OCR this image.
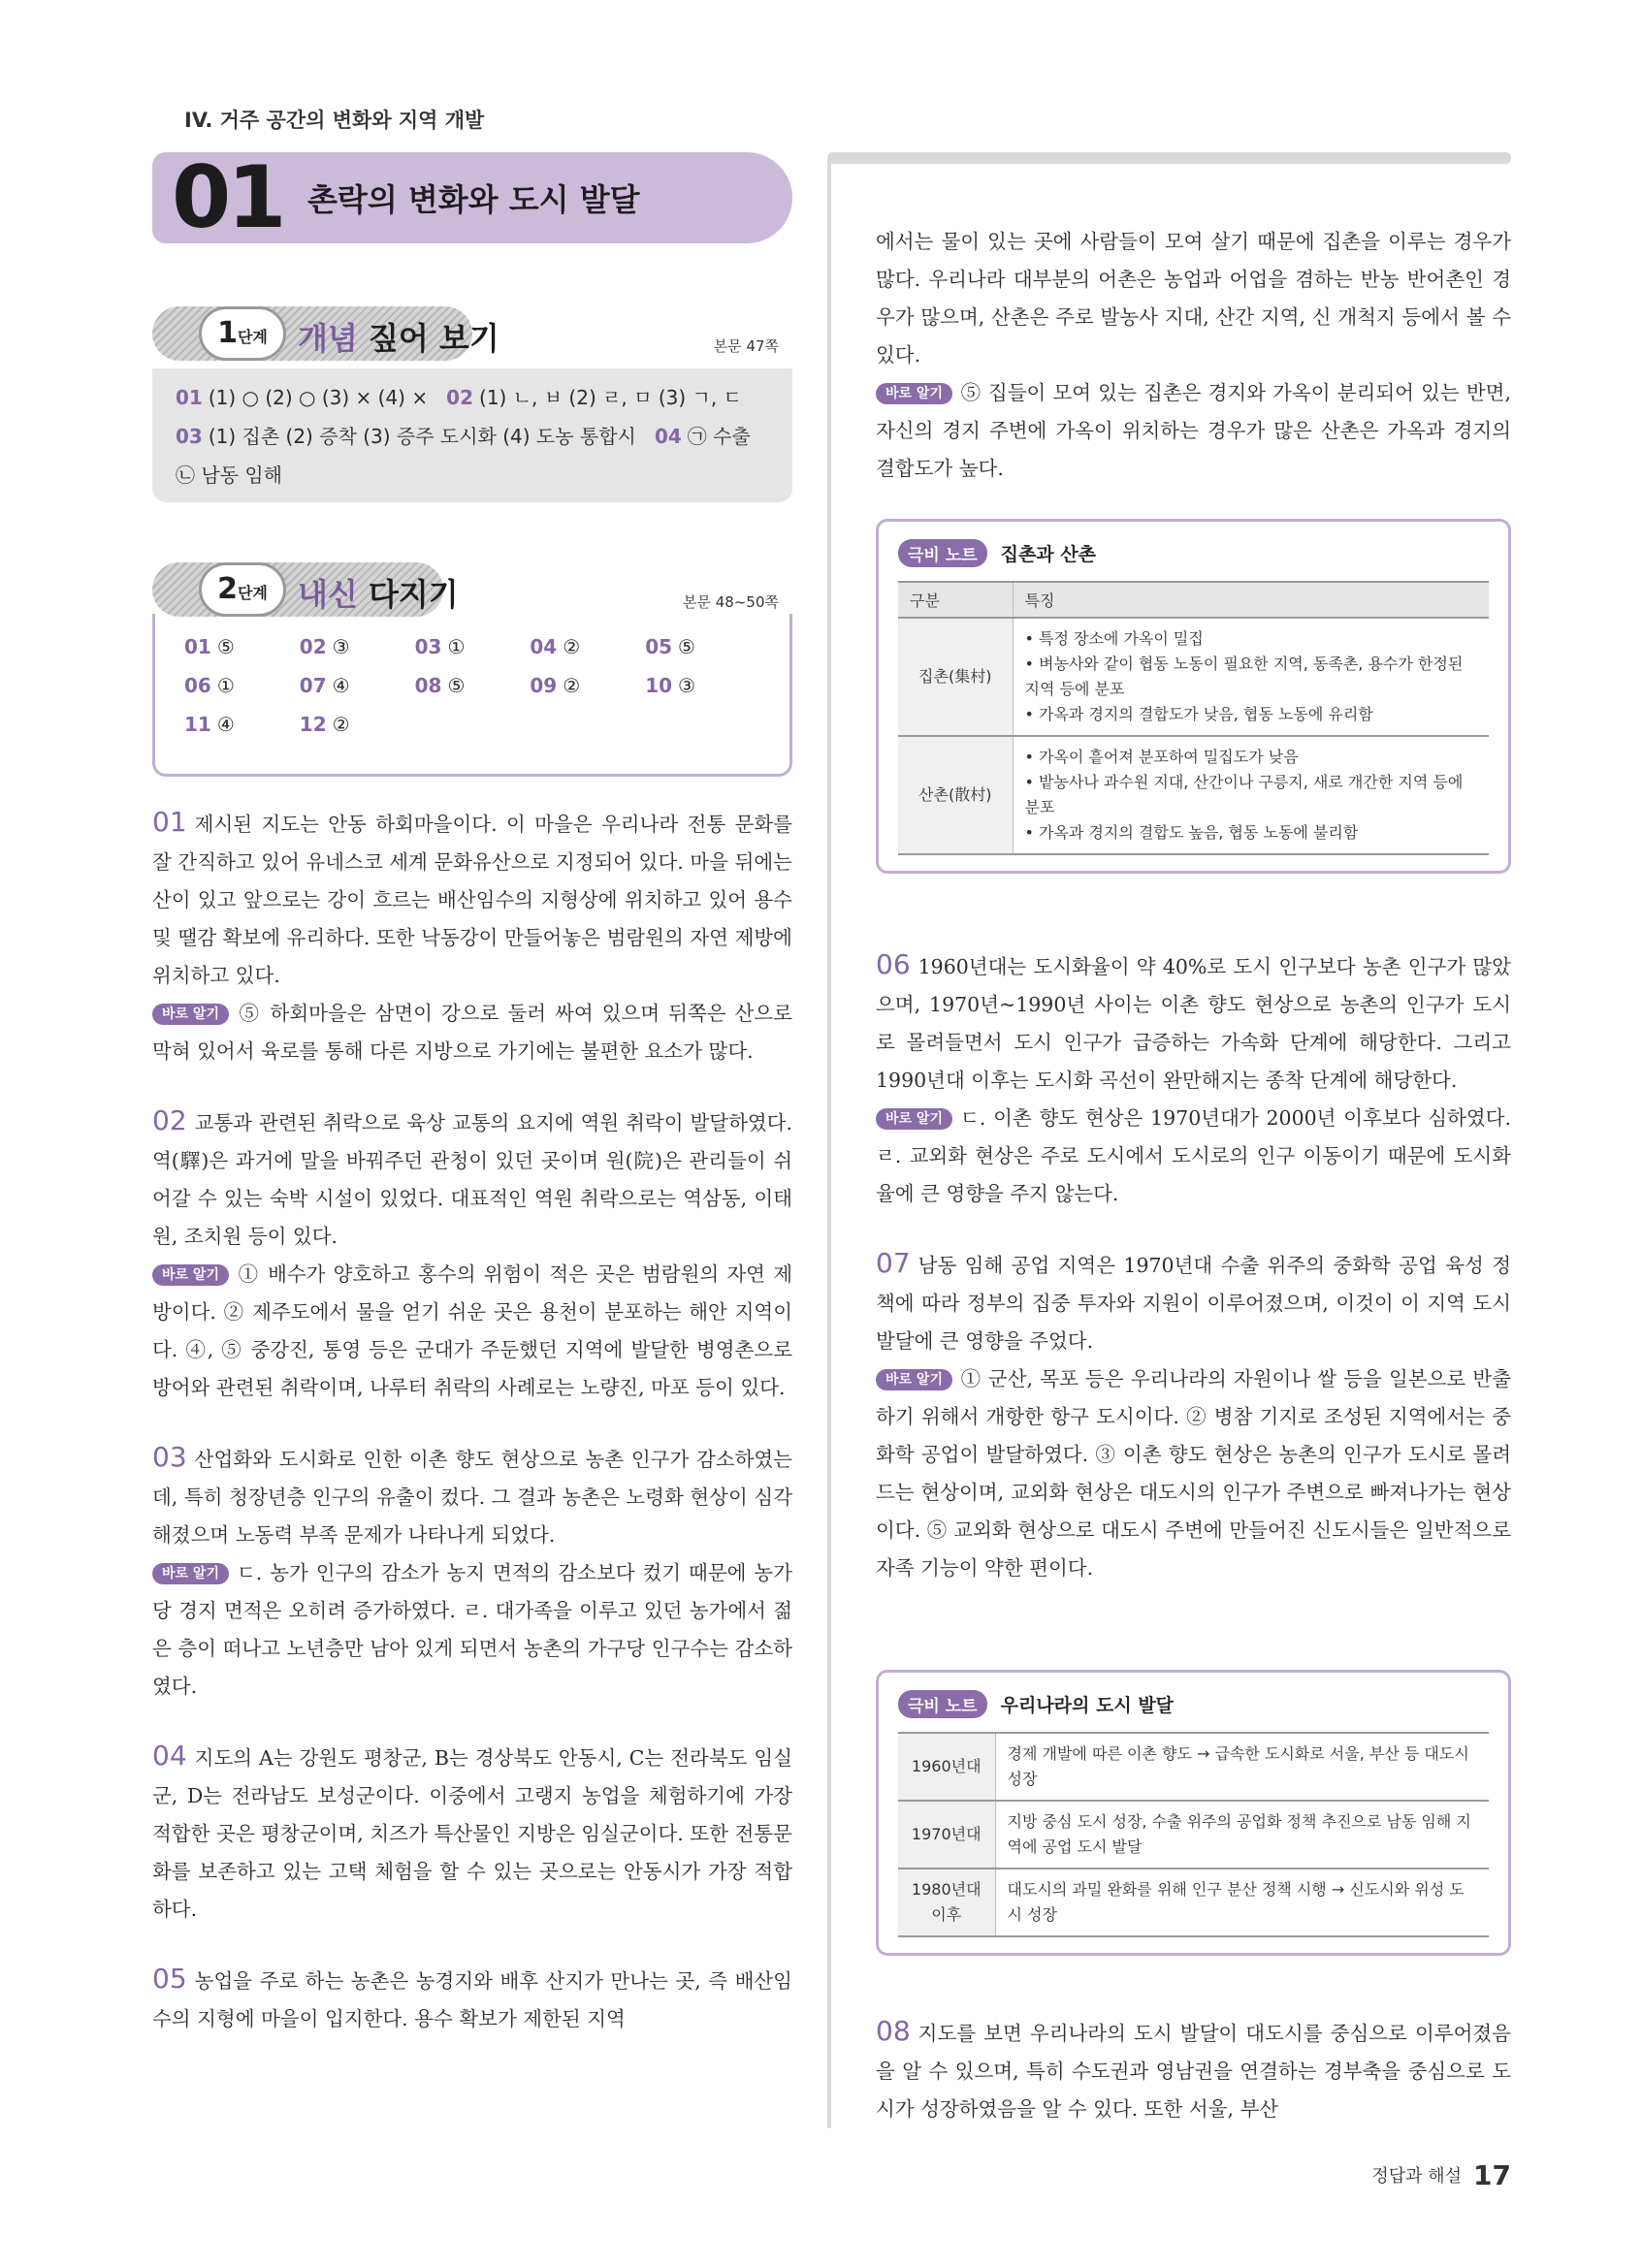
IV. 거주 공간의 변화와 지역 개발
01 촌락의 변화와 도시 발달
1단계 개념 짚어 보기	본문 47쪽
01 (1) ○ (2) ○ (3) × (4) × 02 (1) ㄴ, ㅂ (2) ㄹ, ㅁ (3) ㄱ, ㄷ
03 (1) 집촌 (2) 증착 (3) 증주 도시화 (4) 도농 통합시 04 ㉠ 수출
㉡ 남동 임해
2단계 내신 다지기	본문 48~50쪽
01 ⑤	02 ③	03 ①	04 ②	05 ⑤
06 ①	07 ④	08 ⑤	09 ②	10 ③
11 ④	12 ②

01 제시된 지도는 안동 하회마을이다. 이 마을은 우리나라 전통 문화를 잘 간직하고 있어 유네스코 세계 문화유산으로 지정되어 있다. 마을 뒤에는 산이 있고 앞으로는 강이 흐르는 배산임수의 지형상에 위치하고 있어 용수 및 땔감 확보에 유리하다. 또한 낙동강이 만들어놓은 범람원의 자연 제방에 위치하고 있다.

바로 알기 ⑤ 하회마을은 삼면이 강으로 둘러 싸여 있으며 뒤쪽은 산으로 막혀 있어서 육로를 통해 다른 지방으로 가기에는 불편한 요소가 많다.

02 교통과 관련된 취락으로 육상 교통의 요지에 역원 취락이 발달하였다. 역(驛)은 과거에 말을 바꿔주던 관청이 있던 곳이며 원(院)은 관리들이 쉬어갈 수 있는 숙박 시설이 있었다. 대표적인 역원 취락으로는 역삼동, 이태원, 조치원 등이 있다.

바로 알기 ① 배수가 양호하고 홍수의 위험이 적은 곳은 범람원의 자연 제방이다. ② 제주도에서 물을 얻기 쉬운 곳은 용천이 분포하는 해안 지역이다. ④, ⑤ 중강진, 통영 등은 군대가 주둔했던 지역에 발달한 병영촌으로 방어와 관련된 취락이며, 나루터 취락의 사례로는 노량진, 마포 등이 있다.

03 산업화와 도시화로 인한 이촌 향도 현상으로 농촌 인구가 감소하였는데, 특히 청장년층 인구의 유출이 컸다. 그 결과 농촌은 노령화 현상이 심각해졌으며 노동력 부족 문제가 나타나게 되었다.

바로 알기 ㄷ. 농가 인구의 감소가 농지 면적의 감소보다 컸기 때문에 농가당 경지 면적은 오히려 증가하였다. ㄹ. 대가족을 이루고 있던 농가에서 젊은 층이 떠나고 노년층만 남아 있게 되면서 농촌의 가구당 인구수는 감소하였다.

04 지도의 A는 강원도 평창군, B는 경상북도 안동시, C는 전라북도 임실군, D는 전라남도 보성군이다. 이중에서 고랭지 농업을 체험하기에 가장 적합한 곳은 평창군이며, 치즈가 특산물인 지방은 임실군이다. 또한 전통문화를 보존하고 있는 고택 체험을 할 수 있는 곳으로는 안동시가 가장 적합하다.

05 농업을 주로 하는 농촌은 농경지와 배후 산지가 만나는 곳, 즉 배산임수의 지형에 마을이 입지한다. 용수 확보가 제한된 지역

에서는 물이 있는 곳에 사람들이 모여 살기 때문에 집촌을 이루는 경우가 많다. 우리나라 대부분의 어촌은 농업과 어업을 겸하는 반농 반어촌인 경우가 많으며, 산촌은 주로 발농사 지대, 산간 지역, 신 개척지 등에서 볼 수 있다.

바로 알기 ⑤ 집들이 모여 있는 집촌은 경지와 가옥이 분리되어 있는 반면, 자신의 경지 주변에 가옥이 위치하는 경우가 많은 산촌은 가옥과 경지의 결합도가 높다.

극비 노트	집촌과 산촌
구분	특징
집촌(集村)	• 특정 장소에 가옥이 밀집
• 벼농사와 같이 협동 노동이 필요한 지역, 동족촌, 용수가 한정된 지역 등에 분포
• 가옥과 경지의 결합도가 낮음, 협동 노동에 유리함

산촌(散村)	• 가옥이 흩어져 분포하여 밀집도가 낮음
• 밭농사나 과수원 지대, 산간이나 구릉지, 새로 개간한 지역 등에 분포
• 가옥과 경지의 결합도 높음, 협동 노동에 불리함

06 1960년대는 도시화율이 약 40%로 도시 인구보다 농촌 인구가 많았으며, 1970년~1990년 사이는 이촌 향도 현상으로 농촌의 인구가 도시로 몰려들면서 도시 인구가 급증하는 가속화 단계에 해당한다. 그리고 1990년대 이후는 도시화 곡선이 완만해지는 종착 단계에 해당한다.

바로 알기 ㄷ. 이촌 향도 현상은 1970년대가 2000년 이후보다 심하였다. ㄹ. 교외화 현상은 주로 도시에서 도시로의 인구 이동이기 때문에 도시화율에 큰 영향을 주지 않는다.

07 남동 임해 공업 지역은 1970년대 수출 위주의 중화학 공업 육성 정책에 따라 정부의 집중 투자와 지원이 이루어졌으며, 이것이 이 지역 도시 발달에 큰 영향을 주었다.

바로 알기 ① 군산, 목포 등은 우리나라의 자원이나 쌀 등을 일본으로 반출하기 위해서 개항한 항구 도시이다. ② 병참 기지로 조성된 지역에서는 중화학 공업이 발달하였다. ③ 이촌 향도 현상은 농촌의 인구가 도시로 몰려드는 현상이며, 교외화 현상은 대도시의 인구가 주변으로 빠져나가는 현상이다. ⑤ 교외화 현상으로 대도시 주변에 만들어진 신도시들은 일반적으로 자족 기능이 약한 편이다.

극비 노트	우리나라의 도시 발달
1960년대	경제 개발에 따른 이촌 향도 → 급속한 도시화로 서울, 부산 등 대도시 성장
1970년대	지방 중심 도시 성장, 수출 위주의 공업화 정책 추진으로 남동 임해 지역에 공업 도시 발달
1980년대 이후	대도시의 과밀 완화를 위해 인구 분산 정책 시행 → 신도시와 위성 도시 성장

08 지도를 보면 우리나라의 도시 발달이 대도시를 중심으로 이루어졌음을 알 수 있으며, 특히 수도권과 영남권을 연결하는 경부축을 중심으로 도시가 성장하였음을 알 수 있다. 또한 서울, 부산

정답과 해설 17
